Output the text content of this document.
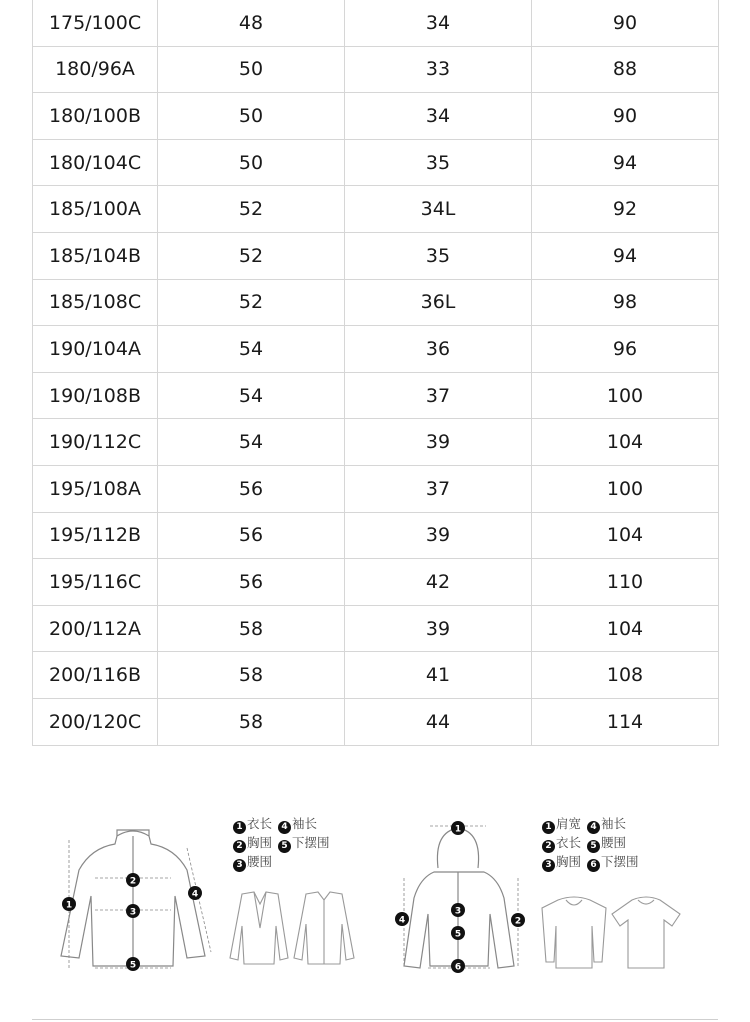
175/100C	48	34	90
180/96A	50	33	88
180/100B	50	34	90
180/104C	50	35	94
185/100A	52	34L	92
185/104B	52	35	94
185/108C	52	36L	98
190/104A	54	36	96
190/108B	54	37	100
190/112C	54	39	104
195/108A	56	37	100
195/112B	56	39	104
195/116C	56	42	110
200/112A	58	39	104
200/116B	58	41	108
200/120C	58	44	114
1
2
3
4
5
1 衣长 4 袖长
2 胸围 5 下摆围
3 腰围
1
2
3
4
5
6
1 肩宽 4 袖长
2 衣长 5 腰围
3 胸围 6 下摆围
